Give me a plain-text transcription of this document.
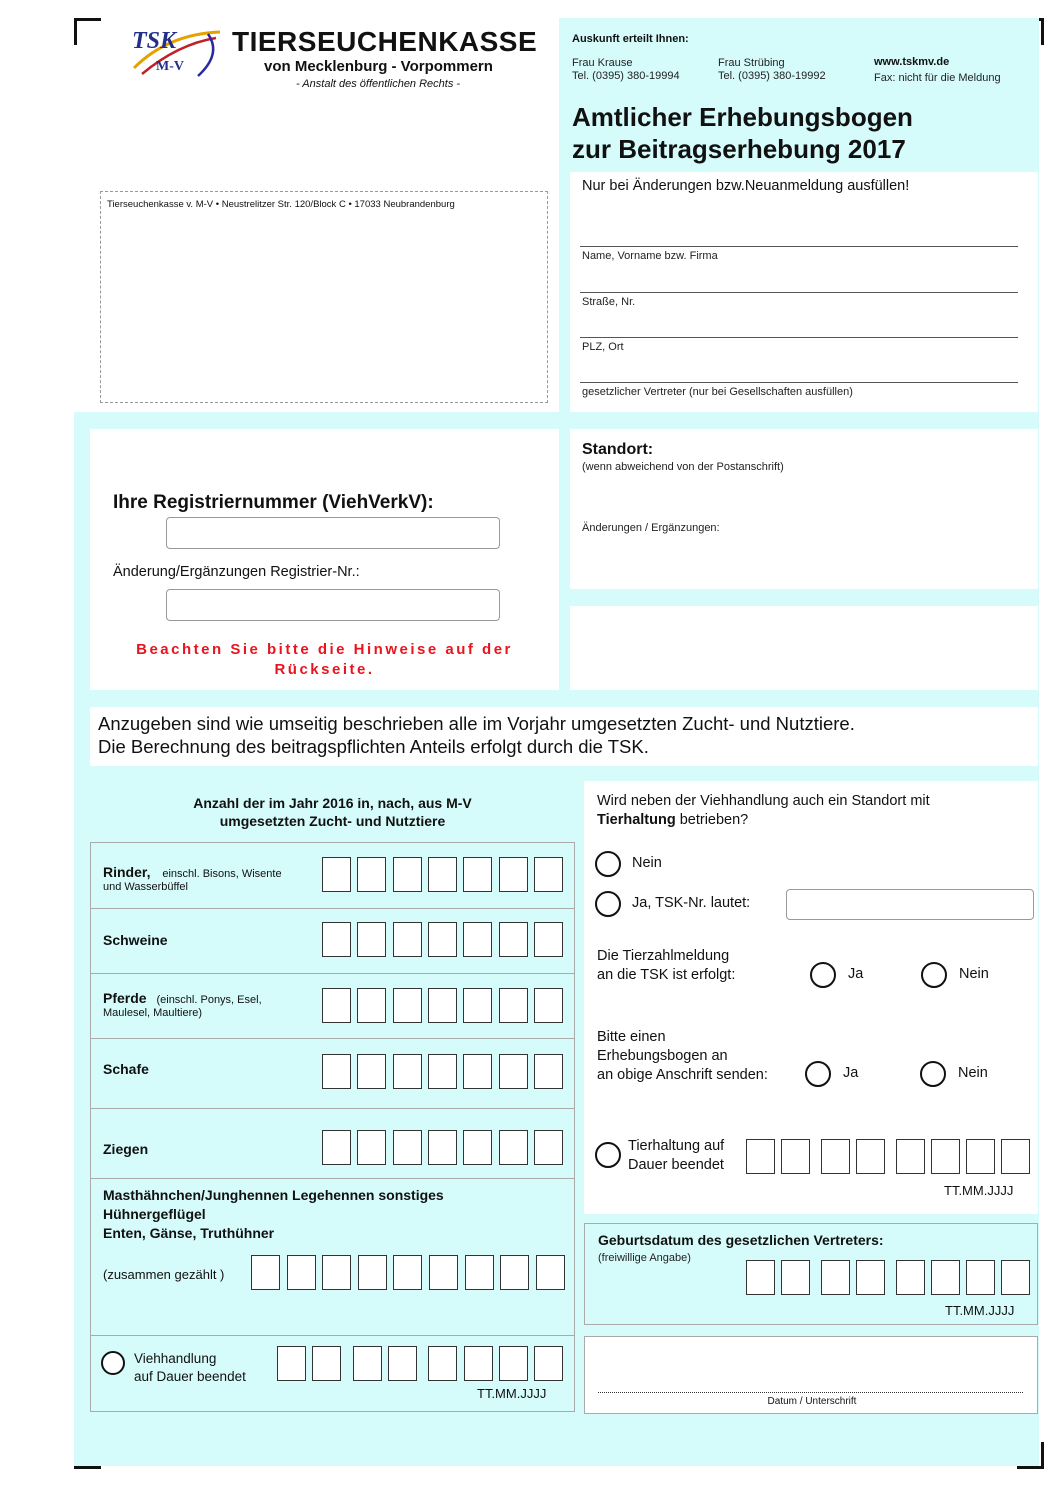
TSK
M-V
TIERSEUCHENKASSE
von Mecklenburg - Vorpommern
- Anstalt des öffentlichen Rechts -
Auskunft erteilt Ihnen:
Frau Krause
Tel. (0395) 380-19994
Frau Strübing
Tel. (0395) 380-19992
www.tskmv.de
Fax: nicht für die Meldung
Amtlicher Erhebungsbogen
zur Beitragserhebung 2017
Tierseuchenkasse v. M-V • Neustrelitzer Str. 120/Block C • 17033 Neubrandenburg
Nur bei Änderungen bzw.Neuanmeldung ausfüllen!
Name, Vorname bzw. Firma
Straße, Nr.
PLZ, Ort
gesetzlicher Vertreter (nur bei Gesellschaften ausfüllen)
Ihre Registriernummer (ViehVerkV):
Änderung/Ergänzungen Registrier-Nr.:
Beachten Sie bitte die Hinweise auf der
Rückseite.
Standort:
(wenn abweichend von der Postanschrift)
Änderungen / Ergänzungen:
Anzugeben sind wie umseitig beschrieben alle im Vorjahr umgesetzten Zucht- und Nutztiere.
Die Berechnung des beitragspflichten Anteils erfolgt durch die TSK.
Anzahl der im Jahr 2016 in, nach, aus M-V
umgesetzten Zucht- und Nutztiere
Rinder, einschl. Bisons, Wisente
und Wasserbüffel
Schweine
Pferde (einschl. Ponys, Esel,
Maulesel, Maultiere)
Schafe
Ziegen
Masthähnchen/Junghennen Legehennen sonstiges
Hühnergeflügel
Enten, Gänse, Truthühner
(zusammen gezählt )
Viehhandlung
auf Dauer beendet
TT.MM.JJJJ
Wird neben der Viehhandlung auch ein Standort mit
Tierhaltung betrieben?
Nein
Ja, TSK-Nr. lautet:
Die Tierzahlmeldung
an die TSK ist erfolgt:	Ja	Nein
Bitte einen
Erhebungsbogen an
an obige Anschrift senden:	Ja	Nein
Tierhaltung auf
Dauer beendet
TT.MM.JJJJ
Geburtsdatum des gesetzlichen Vertreters:
(freiwillige Angabe)
TT.MM.JJJJ
Datum / Unterschrift
